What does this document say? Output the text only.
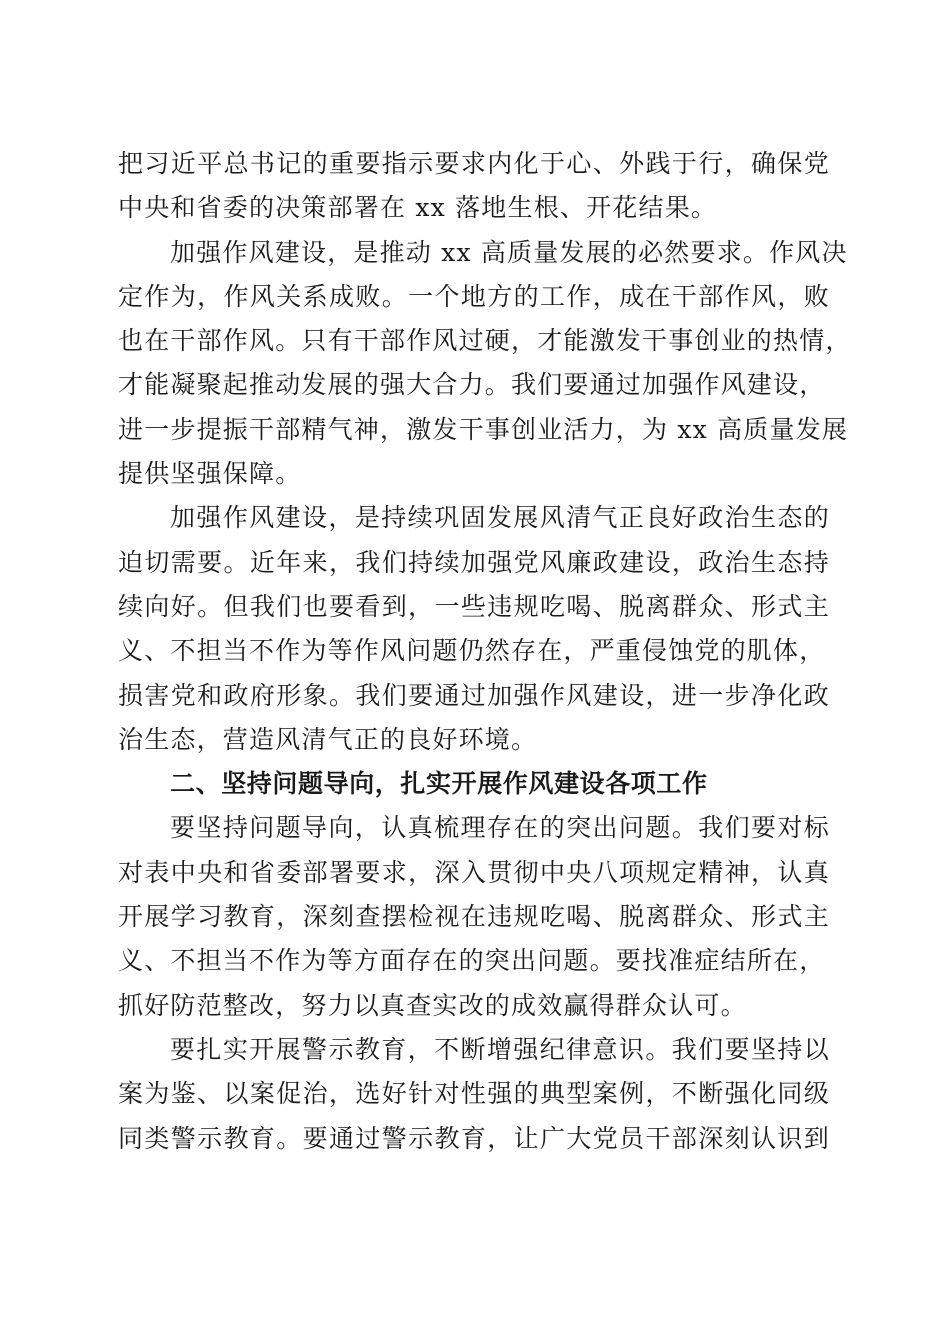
把习近平总书记的重要指示要求内化于心、外践于行，确保党
中央和省委的决策部署在 xx 落地生根、开花结果。
加强作风建设，是推动 xx 高质量发展的必然要求。作风决
定作为，作风关系成败。一个地方的工作，成在干部作风，败
也在干部作风。只有干部作风过硬，才能激发干事创业的热情，
才能凝聚起推动发展的强大合力。我们要通过加强作风建设，
进一步提振干部精气神，激发干事创业活力，为 xx 高质量发展
提供坚强保障。
加强作风建设，是持续巩固发展风清气正良好政治生态的
迫切需要。近年来，我们持续加强党风廉政建设，政治生态持
续向好。但我们也要看到，一些违规吃喝、脱离群众、形式主
义、不担当不作为等作风问题仍然存在，严重侵蚀党的肌体，
损害党和政府形象。我们要通过加强作风建设，进一步净化政
治生态，营造风清气正的良好环境。
二、坚持问题导向，扎实开展作风建设各项工作
要坚持问题导向，认真梳理存在的突出问题。我们要对标
对表中央和省委部署要求，深入贯彻中央八项规定精神，认真
开展学习教育，深刻查摆检视在违规吃喝、脱离群众、形式主
义、不担当不作为等方面存在的突出问题。要找准症结所在，
抓好防范整改，努力以真查实改的成效赢得群众认可。
要扎实开展警示教育，不断增强纪律意识。我们要坚持以
案为鉴、以案促治，选好针对性强的典型案例，不断强化同级
同类警示教育。要通过警示教育，让广大党员干部深刻认识到
